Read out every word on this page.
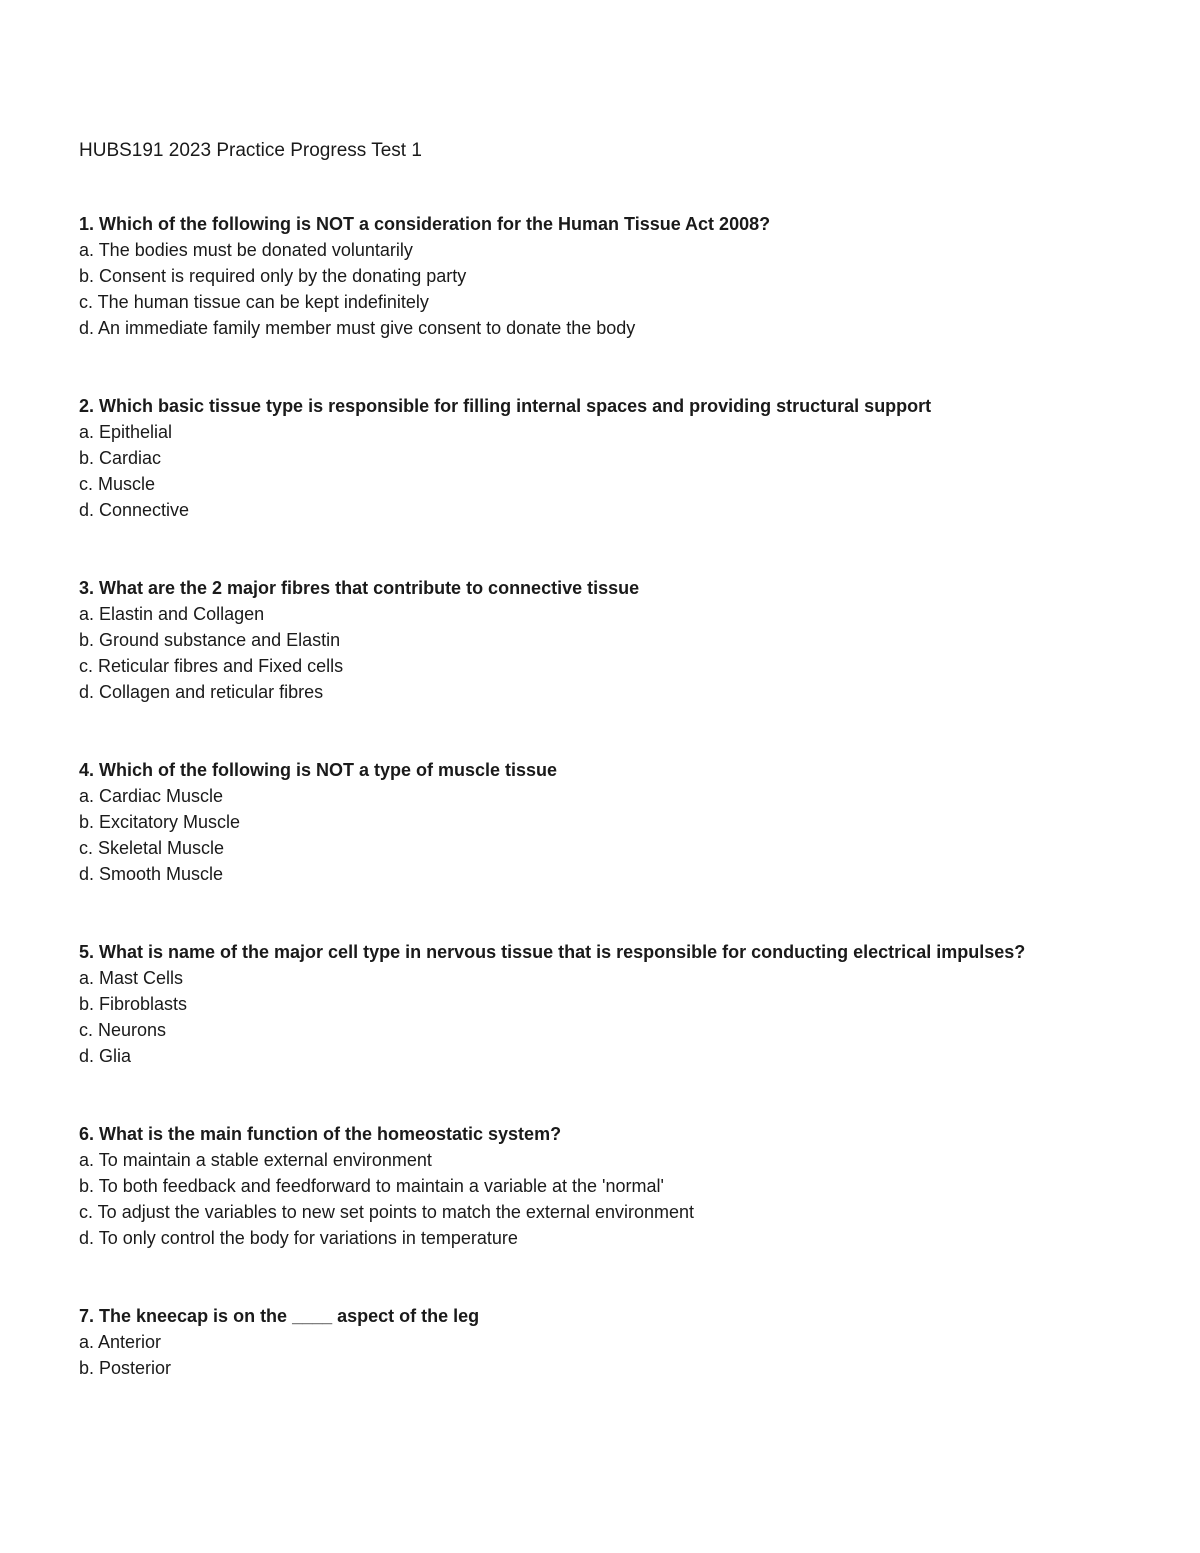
HUBS191 2023 Practice Progress Test 1

1. Which of the following is NOT a consideration for the Human Tissue Act 2008?

a. The bodies must be donated voluntarily
b. Consent is required only by the donating party
c. The human tissue can be kept indefinitely
d. An immediate family member must give consent to donate the body

2. Which basic tissue type is responsible for filling internal spaces and providing structural support

a. Epithelial
b. Cardiac
c. Muscle
d. Connective

3. What are the 2 major fibres that contribute to connective tissue

a. Elastin and Collagen
b. Ground substance and Elastin
c. Reticular fibres and Fixed cells
d. Collagen and reticular fibres

4. Which of the following is NOT a type of muscle tissue

a. Cardiac Muscle
b. Excitatory Muscle
c. Skeletal Muscle
d. Smooth Muscle

5. What is name of the major cell type in nervous tissue that is responsible for conducting electrical impulses?

a. Mast Cells
b. Fibroblasts
c. Neurons
d. Glia

6. What is the main function of the homeostatic system?

a. To maintain a stable external environment
b. To both feedback and feedforward to maintain a variable at the 'normal'
c. To adjust the variables to new set points to match the external environment
d. To only control the body for variations in temperature

7. The kneecap is on the ____ aspect of the leg

a. Anterior
b. Posterior
